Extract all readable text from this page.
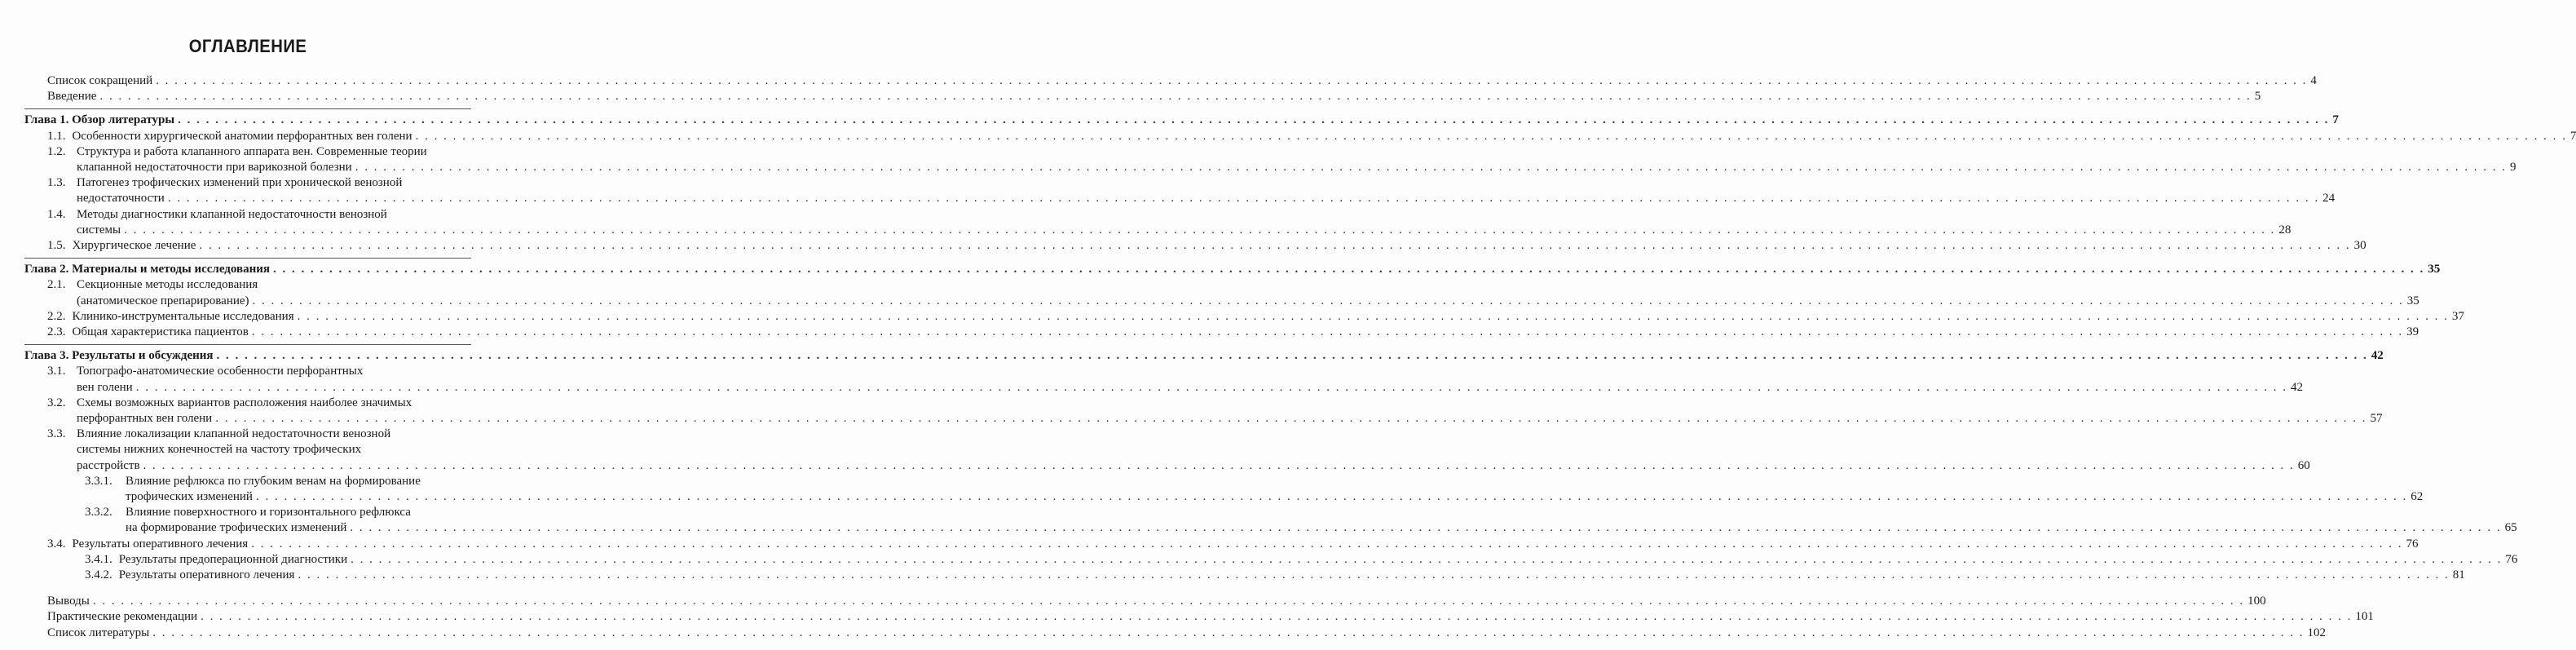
ОГЛАВЛЕНИЕ
Список сокращений . . . . . . . . . . . . . . . . . . . . . . . . . . . . . . . . . . . . . . . . . . . . . . . . . . . . . . . . . . . . . . . . . . . . . . . . . . . . . . . . . . . . . . . . . . . . . . . . . . . . . . . . . . . . . . . . . . . . . . . . . . . . . . . . . . . . . . . . . . . . . . . . . . . . . . . . . . . . . . . . . . . . . . . . . . . . . . . . . . . . . . . . . . . . . . . . . . . . . . . . . . . . . . . . . . . . . . . . . . . . . . . . . . . . . . 4
Введение . . . . . . . . . . . . . . . . . . . . . . . . . . . . . . . . . . . . . . . . . . . . . . . . . . . . . . . . . . . . . . . . . . . . . . . . . . . . . . . . . . . . . . . . . . . . . . . . . . . . . . . . . . . . . . . . . . . . . . . . . . . . . . . . . . . . . . . . . . . . . . . . . . . . . . . . . . . . . . . . . . . . . . . . . . . . . . . . . . . . . . . . . . . . . . . . . . . . . . . . . . . . . . . . . . . . . . . . . . . . . . . . . . . . . . 5
Глава 1. Обзор литературы . . . . . . . . . . . . . . . . . . . . . . . . . . . . . . . . . . . . . . . . . . . . . . . . . . . . . . . . . . . . . . . . . . . . . . . . . . . . . . . . . . . . . . . . . . . . . . . . . . . . . . . . . . . . . . . . . . . . . . . . . . . . . . . . . . . . . . . . . . . . . . . . . . . . . . . . . . . . . . . . . . . . . . . . . . . . . . . . . . . . . . . . . . . . . . . . . . . . . . . . . . . . . . . . . . . . . . . . . . . . . . . . . . . . . . 7
1.1. Особенности хирургической анатомии перфорантных вен голени . . . . . . . . . . . . . . . . . . . . . . . . . . . . . . . . . . . . . . . . . . . . . . . . . . . . . . . . . . . . . . . . . . . . . . . . . . . . . . . . . . . . . . . . . . . . . . . . . . . . . . . . . . . . . . . . . . . . . . . . . . . . . . . . . . . . . . . . . . . . . . . . . . . . . . . . . . . . . . . . . . . . . . . . . . . . . . . . . . . . . . . . . . . . . . . . . . . . . . . . . . . . . . . . . . . . . . . . . . . . . . . . . . . . . . 7
1.2. Структура и работа клапанного аппарата вен. Современные теории
клапанной недостаточности при варикозной болезни . . . . . . . . . . . . . . . . . . . . . . . . . . . . . . . . . . . . . . . . . . . . . . . . . . . . . . . . . . . . . . . . . . . . . . . . . . . . . . . . . . . . . . . . . . . . . . . . . . . . . . . . . . . . . . . . . . . . . . . . . . . . . . . . . . . . . . . . . . . . . . . . . . . . . . . . . . . . . . . . . . . . . . . . . . . . . . . . . . . . . . . . . . . . . . . . . . . . . . . . . . . . . . . . . . . . . . . . . . . . . . . . . . . . . . 9
1.3. Патогенез трофических изменений при хронической венозной
недостаточности . . . . . . . . . . . . . . . . . . . . . . . . . . . . . . . . . . . . . . . . . . . . . . . . . . . . . . . . . . . . . . . . . . . . . . . . . . . . . . . . . . . . . . . . . . . . . . . . . . . . . . . . . . . . . . . . . . . . . . . . . . . . . . . . . . . . . . . . . . . . . . . . . . . . . . . . . . . . . . . . . . . . . . . . . . . . . . . . . . . . . . . . . . . . . . . . . . . . . . . . . . . . . . . . . . . . . . . . . . . . . . . . . . . . . . 24
1.4. Методы диагностики клапанной недостаточности венозной
системы . . . . . . . . . . . . . . . . . . . . . . . . . . . . . . . . . . . . . . . . . . . . . . . . . . . . . . . . . . . . . . . . . . . . . . . . . . . . . . . . . . . . . . . . . . . . . . . . . . . . . . . . . . . . . . . . . . . . . . . . . . . . . . . . . . . . . . . . . . . . . . . . . . . . . . . . . . . . . . . . . . . . . . . . . . . . . . . . . . . . . . . . . . . . . . . . . . . . . . . . . . . . . . . . . . . . . . . . . . . . . . . . . . . . . . 28
1.5. Хирургическое лечение . . . . . . . . . . . . . . . . . . . . . . . . . . . . . . . . . . . . . . . . . . . . . . . . . . . . . . . . . . . . . . . . . . . . . . . . . . . . . . . . . . . . . . . . . . . . . . . . . . . . . . . . . . . . . . . . . . . . . . . . . . . . . . . . . . . . . . . . . . . . . . . . . . . . . . . . . . . . . . . . . . . . . . . . . . . . . . . . . . . . . . . . . . . . . . . . . . . . . . . . . . . . . . . . . . . . . . . . . . . . . . . . . . . . . . 30
Глава 2. Материалы и методы исследования . . . . . . . . . . . . . . . . . . . . . . . . . . . . . . . . . . . . . . . . . . . . . . . . . . . . . . . . . . . . . . . . . . . . . . . . . . . . . . . . . . . . . . . . . . . . . . . . . . . . . . . . . . . . . . . . . . . . . . . . . . . . . . . . . . . . . . . . . . . . . . . . . . . . . . . . . . . . . . . . . . . . . . . . . . . . . . . . . . . . . . . . . . . . . . . . . . . . . . . . . . . . . . . . . . . . . . . . . . . . . . . . . . . . . . 35
2.1. Секционные методы исследования
(анатомическое препарирование) . . . . . . . . . . . . . . . . . . . . . . . . . . . . . . . . . . . . . . . . . . . . . . . . . . . . . . . . . . . . . . . . . . . . . . . . . . . . . . . . . . . . . . . . . . . . . . . . . . . . . . . . . . . . . . . . . . . . . . . . . . . . . . . . . . . . . . . . . . . . . . . . . . . . . . . . . . . . . . . . . . . . . . . . . . . . . . . . . . . . . . . . . . . . . . . . . . . . . . . . . . . . . . . . . . . . . . . . . . . . . . . . . . . . . . 35
2.2. Клинико-инструментальные исследования . . . . . . . . . . . . . . . . . . . . . . . . . . . . . . . . . . . . . . . . . . . . . . . . . . . . . . . . . . . . . . . . . . . . . . . . . . . . . . . . . . . . . . . . . . . . . . . . . . . . . . . . . . . . . . . . . . . . . . . . . . . . . . . . . . . . . . . . . . . . . . . . . . . . . . . . . . . . . . . . . . . . . . . . . . . . . . . . . . . . . . . . . . . . . . . . . . . . . . . . . . . . . . . . . . . . . . . . . . . . . . . . . . . . . . 37
2.3. Общая характеристика пациентов . . . . . . . . . . . . . . . . . . . . . . . . . . . . . . . . . . . . . . . . . . . . . . . . . . . . . . . . . . . . . . . . . . . . . . . . . . . . . . . . . . . . . . . . . . . . . . . . . . . . . . . . . . . . . . . . . . . . . . . . . . . . . . . . . . . . . . . . . . . . . . . . . . . . . . . . . . . . . . . . . . . . . . . . . . . . . . . . . . . . . . . . . . . . . . . . . . . . . . . . . . . . . . . . . . . . . . . . . . . . . . . . . . . . . . 39
Глава 3. Результаты и обсуждения . . . . . . . . . . . . . . . . . . . . . . . . . . . . . . . . . . . . . . . . . . . . . . . . . . . . . . . . . . . . . . . . . . . . . . . . . . . . . . . . . . . . . . . . . . . . . . . . . . . . . . . . . . . . . . . . . . . . . . . . . . . . . . . . . . . . . . . . . . . . . . . . . . . . . . . . . . . . . . . . . . . . . . . . . . . . . . . . . . . . . . . . . . . . . . . . . . . . . . . . . . . . . . . . . . . . . . . . . . . . . . . . . . . . . . 42
3.1. Топографо-анатомические особенности перфорантных
вен голени . . . . . . . . . . . . . . . . . . . . . . . . . . . . . . . . . . . . . . . . . . . . . . . . . . . . . . . . . . . . . . . . . . . . . . . . . . . . . . . . . . . . . . . . . . . . . . . . . . . . . . . . . . . . . . . . . . . . . . . . . . . . . . . . . . . . . . . . . . . . . . . . . . . . . . . . . . . . . . . . . . . . . . . . . . . . . . . . . . . . . . . . . . . . . . . . . . . . . . . . . . . . . . . . . . . . . . . . . . . . . . . . . . . . . . 42
3.2. Схемы возможных вариантов расположения наиболее значимых
перфорантных вен голени . . . . . . . . . . . . . . . . . . . . . . . . . . . . . . . . . . . . . . . . . . . . . . . . . . . . . . . . . . . . . . . . . . . . . . . . . . . . . . . . . . . . . . . . . . . . . . . . . . . . . . . . . . . . . . . . . . . . . . . . . . . . . . . . . . . . . . . . . . . . . . . . . . . . . . . . . . . . . . . . . . . . . . . . . . . . . . . . . . . . . . . . . . . . . . . . . . . . . . . . . . . . . . . . . . . . . . . . . . . . . . . . . . . . . . 57
3.3. Влияние локализации клапанной недостаточности венозной
системы нижних конечностей на частоту трофических
расстройств . . . . . . . . . . . . . . . . . . . . . . . . . . . . . . . . . . . . . . . . . . . . . . . . . . . . . . . . . . . . . . . . . . . . . . . . . . . . . . . . . . . . . . . . . . . . . . . . . . . . . . . . . . . . . . . . . . . . . . . . . . . . . . . . . . . . . . . . . . . . . . . . . . . . . . . . . . . . . . . . . . . . . . . . . . . . . . . . . . . . . . . . . . . . . . . . . . . . . . . . . . . . . . . . . . . . . . . . . . . . . . . . . . . . . . 60
3.3.1. Влияние рефлюкса по глубоким венам на формирование
трофических изменений . . . . . . . . . . . . . . . . . . . . . . . . . . . . . . . . . . . . . . . . . . . . . . . . . . . . . . . . . . . . . . . . . . . . . . . . . . . . . . . . . . . . . . . . . . . . . . . . . . . . . . . . . . . . . . . . . . . . . . . . . . . . . . . . . . . . . . . . . . . . . . . . . . . . . . . . . . . . . . . . . . . . . . . . . . . . . . . . . . . . . . . . . . . . . . . . . . . . . . . . . . . . . . . . . . . . . . . . . . . . . . . . . . . . . . 62
3.3.2. Влияние поверхностного и горизонтального рефлюкса
на формирование трофических изменений . . . . . . . . . . . . . . . . . . . . . . . . . . . . . . . . . . . . . . . . . . . . . . . . . . . . . . . . . . . . . . . . . . . . . . . . . . . . . . . . . . . . . . . . . . . . . . . . . . . . . . . . . . . . . . . . . . . . . . . . . . . . . . . . . . . . . . . . . . . . . . . . . . . . . . . . . . . . . . . . . . . . . . . . . . . . . . . . . . . . . . . . . . . . . . . . . . . . . . . . . . . . . . . . . . . . . . . . . . . . . . . . . . . . . . 65
3.4. Результаты оперативного лечения . . . . . . . . . . . . . . . . . . . . . . . . . . . . . . . . . . . . . . . . . . . . . . . . . . . . . . . . . . . . . . . . . . . . . . . . . . . . . . . . . . . . . . . . . . . . . . . . . . . . . . . . . . . . . . . . . . . . . . . . . . . . . . . . . . . . . . . . . . . . . . . . . . . . . . . . . . . . . . . . . . . . . . . . . . . . . . . . . . . . . . . . . . . . . . . . . . . . . . . . . . . . . . . . . . . . . . . . . . . . . . . . . . . . . . 76
3.4.1. Результаты предоперационной диагностики . . . . . . . . . . . . . . . . . . . . . . . . . . . . . . . . . . . . . . . . . . . . . . . . . . . . . . . . . . . . . . . . . . . . . . . . . . . . . . . . . . . . . . . . . . . . . . . . . . . . . . . . . . . . . . . . . . . . . . . . . . . . . . . . . . . . . . . . . . . . . . . . . . . . . . . . . . . . . . . . . . . . . . . . . . . . . . . . . . . . . . . . . . . . . . . . . . . . . . . . . . . . . . . . . . . . . . . . . . . . . . . . . . . . . . 76
3.4.2. Результаты оперативного лечения . . . . . . . . . . . . . . . . . . . . . . . . . . . . . . . . . . . . . . . . . . . . . . . . . . . . . . . . . . . . . . . . . . . . . . . . . . . . . . . . . . . . . . . . . . . . . . . . . . . . . . . . . . . . . . . . . . . . . . . . . . . . . . . . . . . . . . . . . . . . . . . . . . . . . . . . . . . . . . . . . . . . . . . . . . . . . . . . . . . . . . . . . . . . . . . . . . . . . . . . . . . . . . . . . . . . . . . . . . . . . . . . . . . . . . 81
Выводы . . . . . . . . . . . . . . . . . . . . . . . . . . . . . . . . . . . . . . . . . . . . . . . . . . . . . . . . . . . . . . . . . . . . . . . . . . . . . . . . . . . . . . . . . . . . . . . . . . . . . . . . . . . . . . . . . . . . . . . . . . . . . . . . . . . . . . . . . . . . . . . . . . . . . . . . . . . . . . . . . . . . . . . . . . . . . . . . . . . . . . . . . . . . . . . . . . . . . . . . . . . . . . . . . . . . . . . . . . . . . . . . . . . . . . 100
Практические рекомендации . . . . . . . . . . . . . . . . . . . . . . . . . . . . . . . . . . . . . . . . . . . . . . . . . . . . . . . . . . . . . . . . . . . . . . . . . . . . . . . . . . . . . . . . . . . . . . . . . . . . . . . . . . . . . . . . . . . . . . . . . . . . . . . . . . . . . . . . . . . . . . . . . . . . . . . . . . . . . . . . . . . . . . . . . . . . . . . . . . . . . . . . . . . . . . . . . . . . . . . . . . . . . . . . . . . . . . . . . . . . . . . . . . . . . . 101
Список литературы . . . . . . . . . . . . . . . . . . . . . . . . . . . . . . . . . . . . . . . . . . . . . . . . . . . . . . . . . . . . . . . . . . . . . . . . . . . . . . . . . . . . . . . . . . . . . . . . . . . . . . . . . . . . . . . . . . . . . . . . . . . . . . . . . . . . . . . . . . . . . . . . . . . . . . . . . . . . . . . . . . . . . . . . . . . . . . . . . . . . . . . . . . . . . . . . . . . . . . . . . . . . . . . . . . . . . . . . . . . . . . . . . . . . . . 102
